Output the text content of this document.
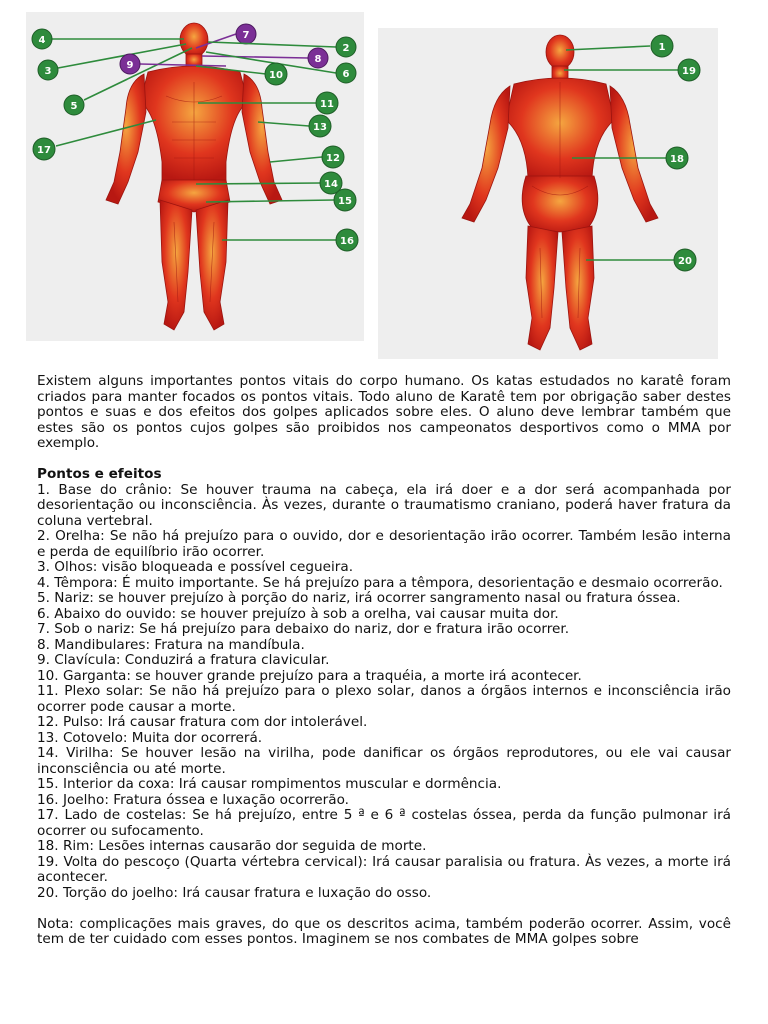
4
3
5
17
7
9
8
2
6
10
11
13
12
14
15
16
1
19
18
20

Existem alguns importantes pontos vitais do corpo humano. Os katas estudados no karatê foram criados para manter focados os pontos vitais. Todo aluno de Karatê tem por obrigação saber destes pontos e suas e dos efeitos dos golpes aplicados sobre eles. O aluno deve lembrar também que estes são os pontos cujos golpes são proibidos nos campeonatos desportivos como o MMA por exemplo.

Pontos e efeitos

1. Base do crânio: Se houver trauma na cabeça, ela irá doer e a dor será acompanhada por desorientação ou inconsciência. Às vezes, durante o traumatismo craniano, poderá haver fratura da coluna vertebral.

2. Orelha: Se não há prejuízo para o ouvido, dor e desorientação irão ocorrer. Também lesão interna e perda de equilíbrio irão ocorrer.

3. Olhos: visão bloqueada e possível cegueira.

4. Têmpora: É muito importante. Se há prejuízo para a têmpora, desorientação e desmaio ocorrerão.

5. Nariz: se houver prejuízo à porção do nariz, irá ocorrer sangramento nasal ou fratura óssea.

6. Abaixo do ouvido: se houver prejuízo à sob a orelha, vai causar muita dor.

7. Sob o nariz: Se há prejuízo para debaixo do nariz, dor e fratura irão ocorrer.

8. Mandibulares: Fratura na mandíbula.

9. Clavícula: Conduzirá a fratura clavicular.

10. Garganta: se houver grande prejuízo para a traquéia, a morte irá acontecer.

11. Plexo solar: Se não há prejuízo para o plexo solar, danos a órgãos internos e inconsciência irão ocorrer pode causar a morte.

12. Pulso: Irá causar fratura com dor intolerável.

13. Cotovelo: Muita dor ocorrerá.

14. Virilha: Se houver lesão na virilha, pode danificar os órgãos reprodutores, ou ele vai causar inconsciência ou até morte.

15. Interior da coxa: Irá causar rompimentos muscular e dormência.

16. Joelho: Fratura óssea e luxação ocorrerão.

17. Lado de costelas: Se há prejuízo, entre 5 ª e 6 ª costelas óssea, perda da função pulmonar irá ocorrer ou sufocamento.

18. Rim: Lesões internas causarão dor seguida de morte.

19. Volta do pescoço (Quarta vértebra cervical): Irá causar paralisia ou fratura. Às vezes, a morte irá acontecer.

20. Torção do joelho: Irá causar fratura e luxação do osso.

Nota: complicações mais graves, do que os descritos acima, também poderão ocorrer. Assim, você tem de ter cuidado com esses pontos. Imaginem se nos combates de MMA golpes sobre
